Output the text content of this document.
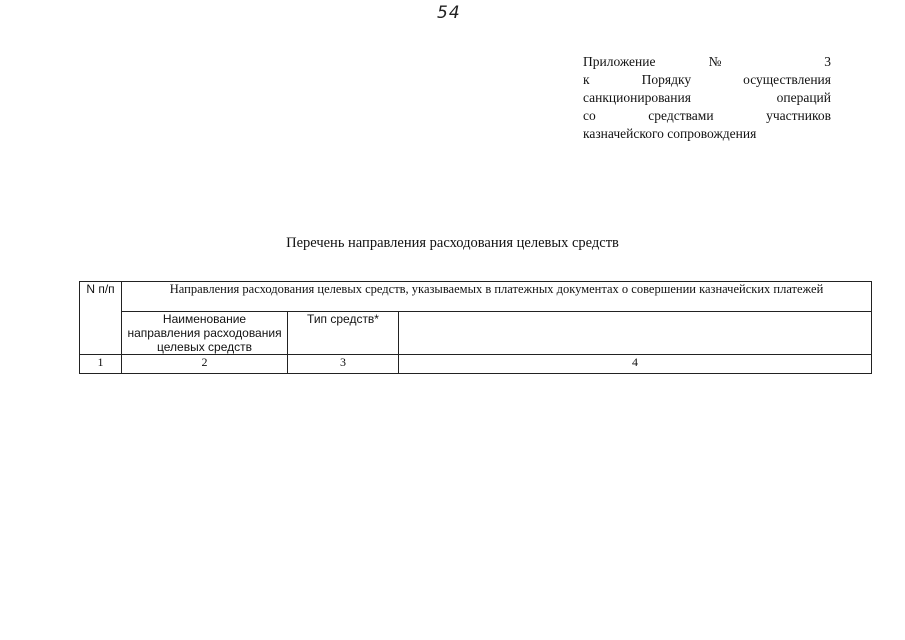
54
Приложение	№ 3
к	Порядку	осуществления
санкционирования	операций
со	средствами	участников
казначейского сопровождения
Перечень направления расходования целевых средств
N п/п	Направления расходования целевых средств, указываемых в платежных документах о совершении казначейских платежей		
	Наименование направления расходования целевых средств	Тип средств*	
1	2	3	4
